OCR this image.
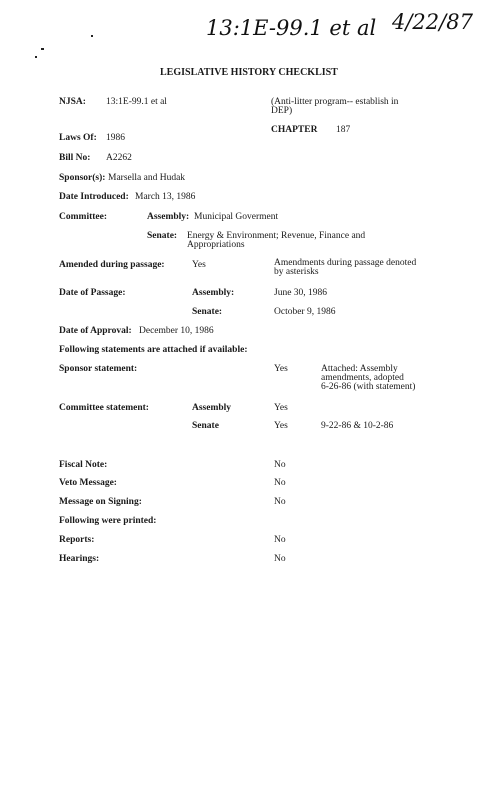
13:1E-99.1 et al 4/22/87
LEGISLATIVE HISTORY CHECKLIST
NJSA: 13:1E-99.1 et al	(Anti-litter program-- establish in
DEP)
CHAPTER 187
Laws Of: 1986
Bill No: A2262
Sponsor(s): Marsella and Hudak
Date Introduced: March 13, 1986
Committee:	Assembly: Municipal Goverment
Senate: Energy & Environment; Revenue, Finance and
Appropriations
Amended during passage:	Yes	Amendments during passage denoted
by asterisks
Date of Passage:	Assembly:	June 30, 1986
Senate:	October 9, 1986
Date of Approval: December 10, 1986
Following statements are attached if available:
Sponsor statement:	Yes	Attached: Assembly
amendments, adopted
6-26-86 (with statement)
Committee statement:	Assembly	Yes
Senate	Yes	9-22-86 & 10-2-86
Fiscal Note:	No
Veto Message:	No
Message on Signing:	No
Following were printed:
Reports:	No
Hearings:	No
